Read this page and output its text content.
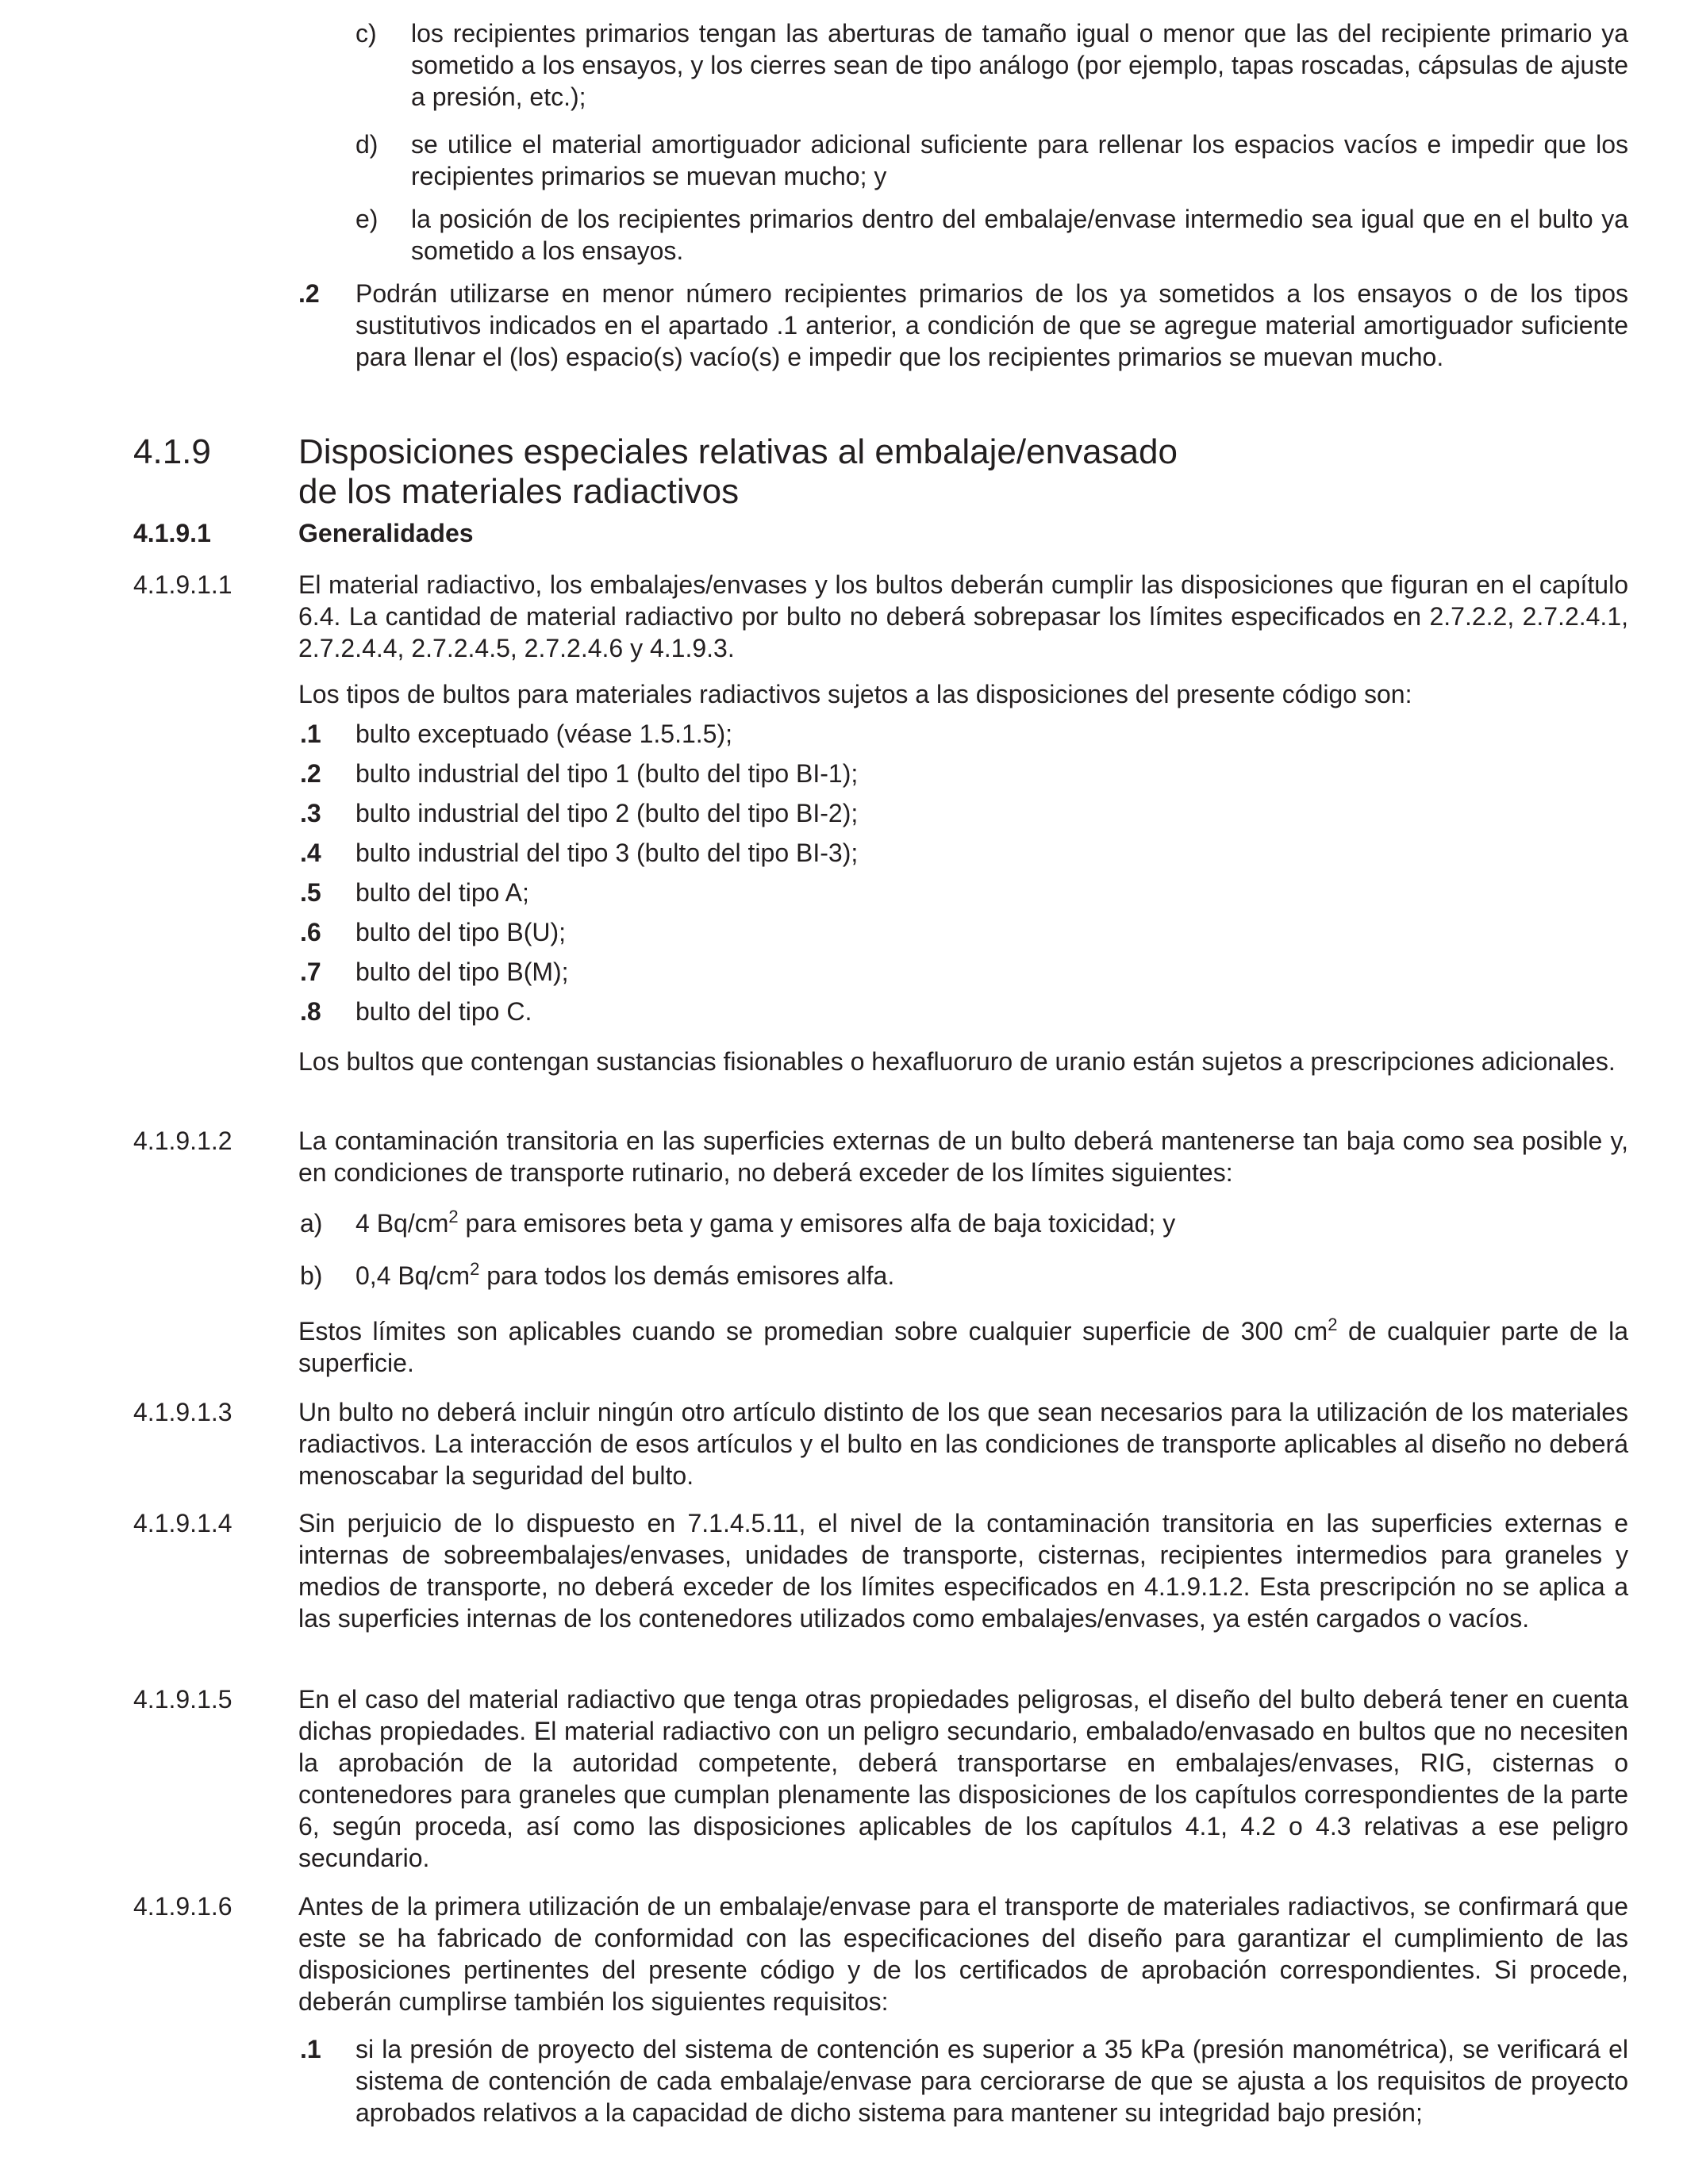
c) los recipientes primarios tengan las aberturas de tamaño igual o menor que las del recipiente primario ya sometido a los ensayos, y los cierres sean de tipo análogo (por ejemplo, tapas roscadas, cápsulas de ajuste a presión, etc.);
d) se utilice el material amortiguador adicional suficiente para rellenar los espacios vacíos e impedir que los recipientes primarios se muevan mucho; y
e) la posición de los recipientes primarios dentro del embalaje/envase intermedio sea igual que en el bulto ya sometido a los ensayos.
.2 Podrán utilizarse en menor número recipientes primarios de los ya sometidos a los ensayos o de los tipos sustitutivos indicados en el apartado .1 anterior, a condición de que se agregue material amortiguador suficiente para llenar el (los) espacio(s) vacío(s) e impedir que los recipientes primarios se muevan mucho.
4.1.9	Disposiciones especiales relativas al embalaje/envasado
de los materiales radiactivos
4.1.9.1	Generalidades
4.1.9.1.1	El material radiactivo, los embalajes/envases y los bultos deberán cumplir las disposiciones que figuran en el capítulo 6.4. La cantidad de material radiactivo por bulto no deberá sobrepasar los límites especificados en 2.7.2.2, 2.7.2.4.1, 2.7.2.4.4, 2.7.2.4.5, 2.7.2.4.6 y 4.1.9.3.
Los tipos de bultos para materiales radiactivos sujetos a las disposiciones del presente código son:
.1 bulto exceptuado (véase 1.5.1.5);
.2 bulto industrial del tipo 1 (bulto del tipo BI-1);
.3 bulto industrial del tipo 2 (bulto del tipo BI-2);
.4 bulto industrial del tipo 3 (bulto del tipo BI-3);
.5 bulto del tipo A;
.6 bulto del tipo B(U);
.7 bulto del tipo B(M);
.8 bulto del tipo C.
Los bultos que contengan sustancias fisionables o hexafluoruro de uranio están sujetos a prescripciones adicionales.
4.1.9.1.2	La contaminación transitoria en las superficies externas de un bulto deberá mantenerse tan baja como sea posible y, en condiciones de transporte rutinario, no deberá exceder de los límites siguientes:
a) 4 $Bq/cm^2$ para emisores beta y gama y emisores alfa de baja toxicidad; y
b) 0,4 $Bq/cm^2$ para todos los demás emisores alfa.
Estos límites son aplicables cuando se promedian sobre cualquier superficie de 300 $cm^2$ de cualquier parte de la superficie.
4.1.9.1.3	Un bulto no deberá incluir ningún otro artículo distinto de los que sean necesarios para la utilización de los materiales radiactivos. La interacción de esos artículos y el bulto en las condiciones de transporte aplicables al diseño no deberá menoscabar la seguridad del bulto.
4.1.9.1.4	Sin perjuicio de lo dispuesto en 7.1.4.5.11, el nivel de la contaminación transitoria en las superficies externas e internas de sobreembalajes/envases, unidades de transporte, cisternas, recipientes intermedios para graneles y medios de transporte, no deberá exceder de los límites especificados en 4.1.9.1.2. Esta prescripción no se aplica a las superficies internas de los contenedores utilizados como embalajes/envases, ya estén cargados o vacíos.
4.1.9.1.5	En el caso del material radiactivo que tenga otras propiedades peligrosas, el diseño del bulto deberá tener en cuenta dichas propiedades. El material radiactivo con un peligro secundario, embalado/envasado en bultos que no necesiten la aprobación de la autoridad competente, deberá transportarse en embalajes/envases, RIG, cisternas o contenedores para graneles que cumplan plenamente las disposiciones de los capítulos correspondientes de la parte 6, según proceda, así como las disposiciones aplicables de los capítulos 4.1, 4.2 o 4.3 relativas a ese peligro secundario.
4.1.9.1.6	Antes de la primera utilización de un embalaje/envase para el transporte de materiales radiactivos, se confirmará que este se ha fabricado de conformidad con las especificaciones del diseño para garantizar el cumplimiento de las disposiciones pertinentes del presente código y de los certificados de aprobación correspondientes. Si procede, deberán cumplirse también los siguientes requisitos:
.1 si la presión de proyecto del sistema de contención es superior a 35 kPa (presión manométrica), se verificará el sistema de contención de cada embalaje/envase para cerciorarse de que se ajusta a los requisitos de proyecto aprobados relativos a la capacidad de dicho sistema para mantener su integridad bajo presión;
